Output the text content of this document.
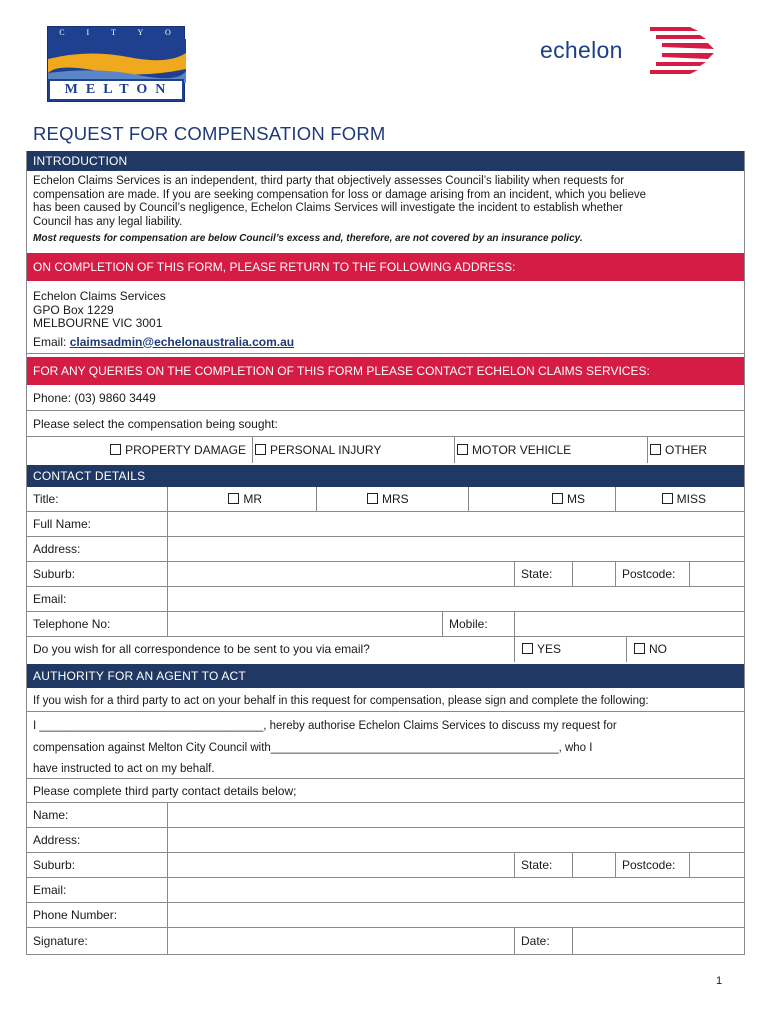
C I T Y O
MELTON
echelon
REQUEST FOR COMPENSATION FORM
INTRODUCTION
Echelon Claims Services is an independent, third party that objectively assesses Council’s liability when requests for
compensation are made. If you are seeking compensation for loss or damage arising from an incident, which you believe
has been caused by Council’s negligence, Echelon Claims Services will investigate the incident to establish whether
Council has any legal liability.
Most requests for compensation are below Council’s excess and, therefore, are not covered by an insurance policy.
ON COMPLETION OF THIS FORM, PLEASE RETURN TO THE FOLLOWING ADDRESS:
Echelon Claims Services
GPO Box 1229
MELBOURNE VIC 3001
Email: claimsadmin@echelonaustralia.com.au
FOR ANY QUERIES ON THE COMPLETION OF THIS FORM PLEASE CONTACT ECHELON CLAIMS SERVICES:
Phone: (03) 9860 3449
Please select the compensation being sought:
PROPERTY DAMAGE	PERSONAL INJURY	MOTOR VEHICLE	OTHER
CONTACT DETAILS
Title:	MR	MRS	MS	MISS
Full Name:
Address:
Suburb:	State:	Postcode:
Email:
Telephone No:	Mobile:
Do you wish for all correspondence to be sent to you via email?	YES	NO
AUTHORITY FOR AN AGENT TO ACT
If you wish for a third party to act on your behalf in this request for compensation, please sign and complete the following:
I ___________________________________, hereby authorise Echelon Claims Services to discuss my request for
compensation against Melton City Council with_____________________________________________, who I
have instructed to act on my behalf.
Please complete third party contact details below;
Name:
Address:
Suburb:	State:	Postcode:
Email:
Phone Number:
Signature:	Date:
1
